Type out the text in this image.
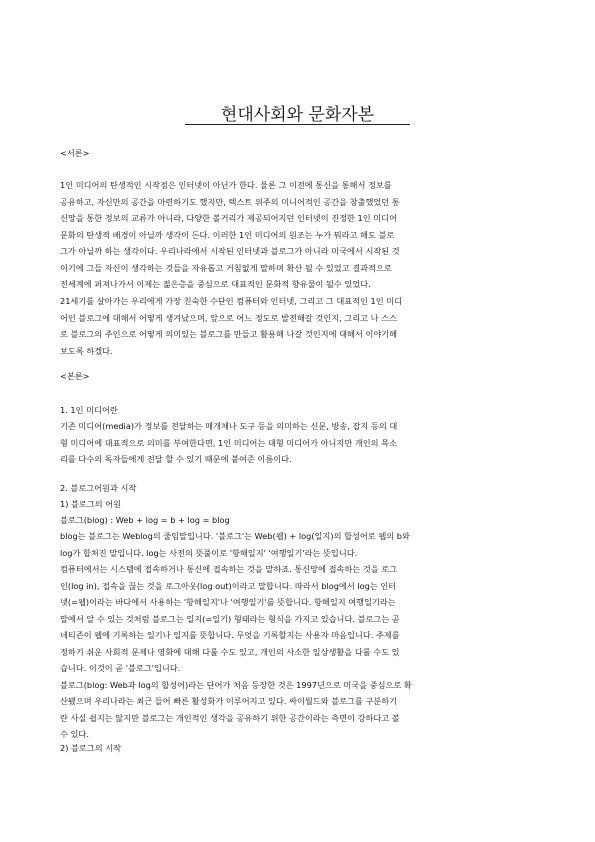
현대사회와 문화자본
<서론>
1인 미디어의 탄생적인 시작점은 인터넷이 아닌가 한다. 물론 그 이전에 통신을 통해서 정보를
공유하고, 자신만의 공간을 마련하기도 했지만, 텍스트 위주의 미니어적인 공간을 창출했었던 통
신망을 통한 정보의 교류가 아니라, 다양한 볼거리가 제공되어지던 인터넷이 진정한 1인 미디어
문화의 탄생적 배경이 아닐까 생각이 든다. 이러한 1인 미디어의 원조는 누가 뭐라고 해도 블로
그가 아닐까 하는 생각이다. 우리나라에서 시작된 인터넷과 블로그가 아니라 미국에서 시작된 것
이기에 그들 자신이 생각하는 것들을 자유롭고 거침없게 말하며 확산 될 수 있었고 결과적으로
전세계에 퍼져나가서 이제는 젊은층을 중심으로 대표적인 문화적 향유물이 될수 있었다.
21세기를 살아가는 우리에게 가장 친숙한 수단인 컴퓨터와 인터넷, 그리고 그 대표적인 1인 미디
어인 블로그에 대해서 어떻게 생겨났으며, 앞으로 어느 정도로 발전해갈 것인지, 그리고 나 스스
로 블로그의 주인으로 어떻게 의미있는 블로그를 만들고 활용해 나갈 것인지에 대해서 이야기해
보도록 하겠다.
<본론>
1. 1인 미디어란
기존 미디어(media)가 정보를 전달하는 매개체나 도구 등을 의미하는 신문, 방송, 잡지 등의 대
형 미디어에 대표적으로 의미를 부여한다면, 1인 미디어는 대형 미디어가 아니지만 개인의 목소
리를 다수의 독자들에게 전달 할 수 있기 때문에 붙여준 이름이다.
2. 블로그어원과 시작
1) 블로그의 어원
블로그(blog) : Web + log = b + log = blog
blog는 블로그는 Weblog의 줄임말입니다. '블로그'는 Web(웹) + log(일지)의 합성어로 웹의 b와
log가 합쳐진 말입니다. log는 사전의 뜻풀이로 '항해일지' '여행일기'라는 뜻입니다.
컴퓨터에서는 시스템에 접속하거나 통신에 접속하는 것을 말하죠. 통신망에 접속하는 것을 로그
인(log in), 접속을 끊는 것을 로그아웃(log out)이라고 말합니다. 따라서 blog에서 log는 인터
넷(=웹)이라는 바다에서 사용하는 '항해일지'나 '여행일기'를 뜻합니다. 항해일지 여행일기라는
말에서 알 수 있는 것처럼 블로그는 일지(=일기) 형태라는 형식을 가지고 있습니다. 블로그는 곧
네티즌이 웹에 기록하는 일기나 일지를 뜻합니다. 무엇을 기록할지는 사용자 마음입니다. 주제를
정하기 쉬운 사회적 문제나 영화에 대해 다룰 수도 있고, 개인의 사소한 일상생활을 다룰 수도 있
습니다. 이것이 곧 '블로그'입니다.
블로그(blog: Web과 log의 합성어)라는 단어가 처음 등장한 것은 1997년으로 미국을 중심으로 확
산됐으며 우리나라는 최근 들어 빠른 활성화가 이루어지고 있다. 싸이월드와 블로그를 구분하기
란 사실 쉽지는 않지만 블로그는 개인적인 생각을 공유하기 위한 공간이라는 측면이 강하다고 볼
수 있다.
2) 블로그의 시작
